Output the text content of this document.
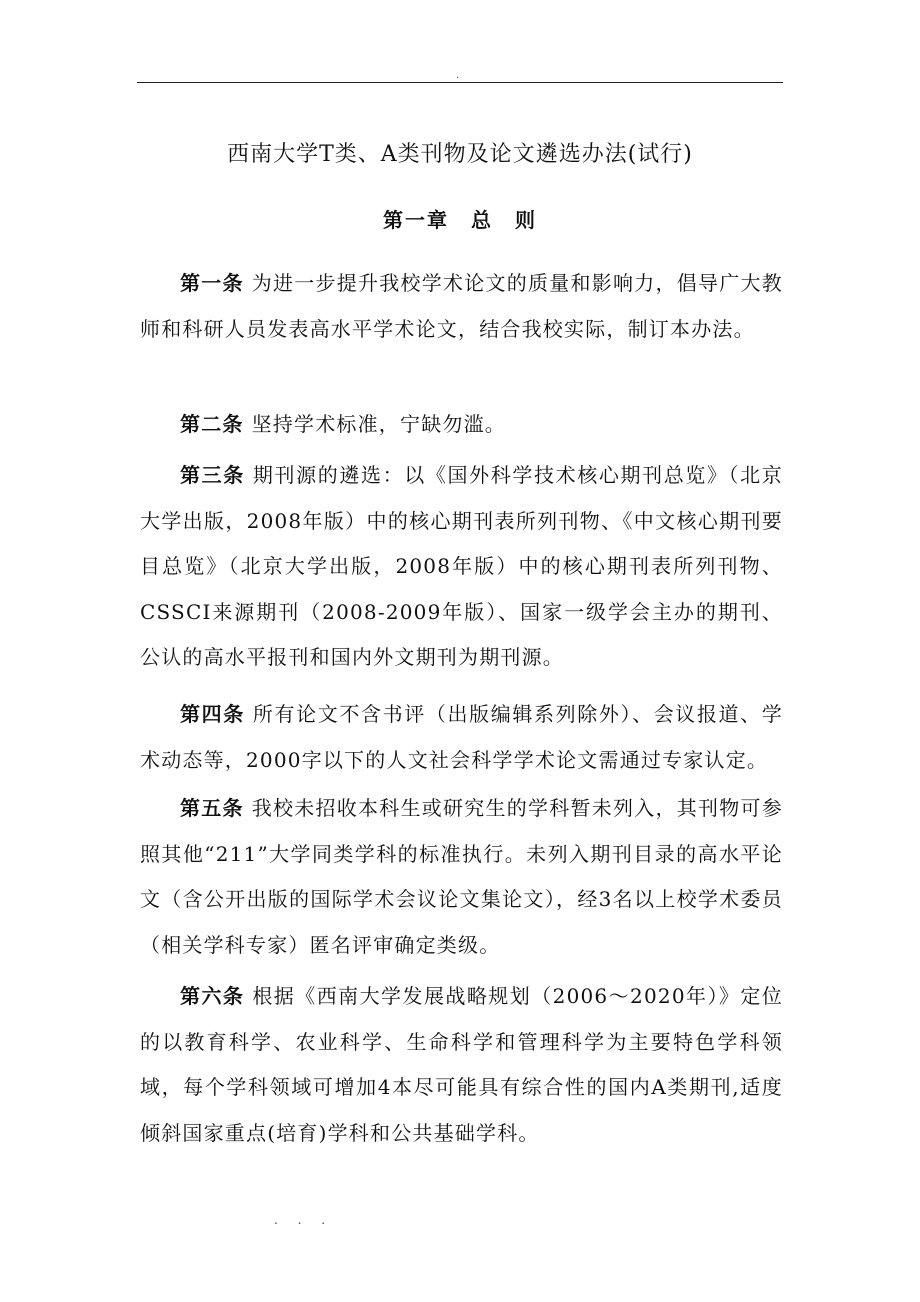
.
西南大学T类、A类刊物及论文遴选办法(试行)
第一章　总　则

第一条 为进一步提升我校学术论文的质量和影响力，倡导广大教师和科研人员发表高水平学术论文，结合我校实际，制订本办法。

第二条 坚持学术标准，宁缺勿滥。

第三条 期刊源的遴选：以《国外科学技术核心期刊总览》（北京大学出版，2008年版）中的核心期刊表所列刊物、《中文核心期刊要目总览》（北京大学出版，2008年版）中的核心期刊表所列刊物、CSSCI来源期刊（2008-2009年版）、国家一级学会主办的期刊、公认的高水平报刊和国内外文期刊为期刊源。

第四条 所有论文不含书评（出版编辑系列除外）、会议报道、学术动态等，2000字以下的人文社会科学学术论文需通过专家认定。

第五条 我校未招收本科生或研究生的学科暂未列入，其刊物可参照其他“211”大学同类学科的标准执行。未列入期刊目录的高水平论文（含公开出版的国际学术会议论文集论文），经3名以上校学术委员（相关学科专家）匿名评审确定类级。

第六条 根据《西南大学发展战略规划（2006～2020年）》定位的以教育科学、农业科学、生命科学和管理科学为主要特色学科领域，每个学科领域可增加4本尽可能具有综合性的国内A类期刊,适度倾斜国家重点(培育)学科和公共基础学科。

. . .
